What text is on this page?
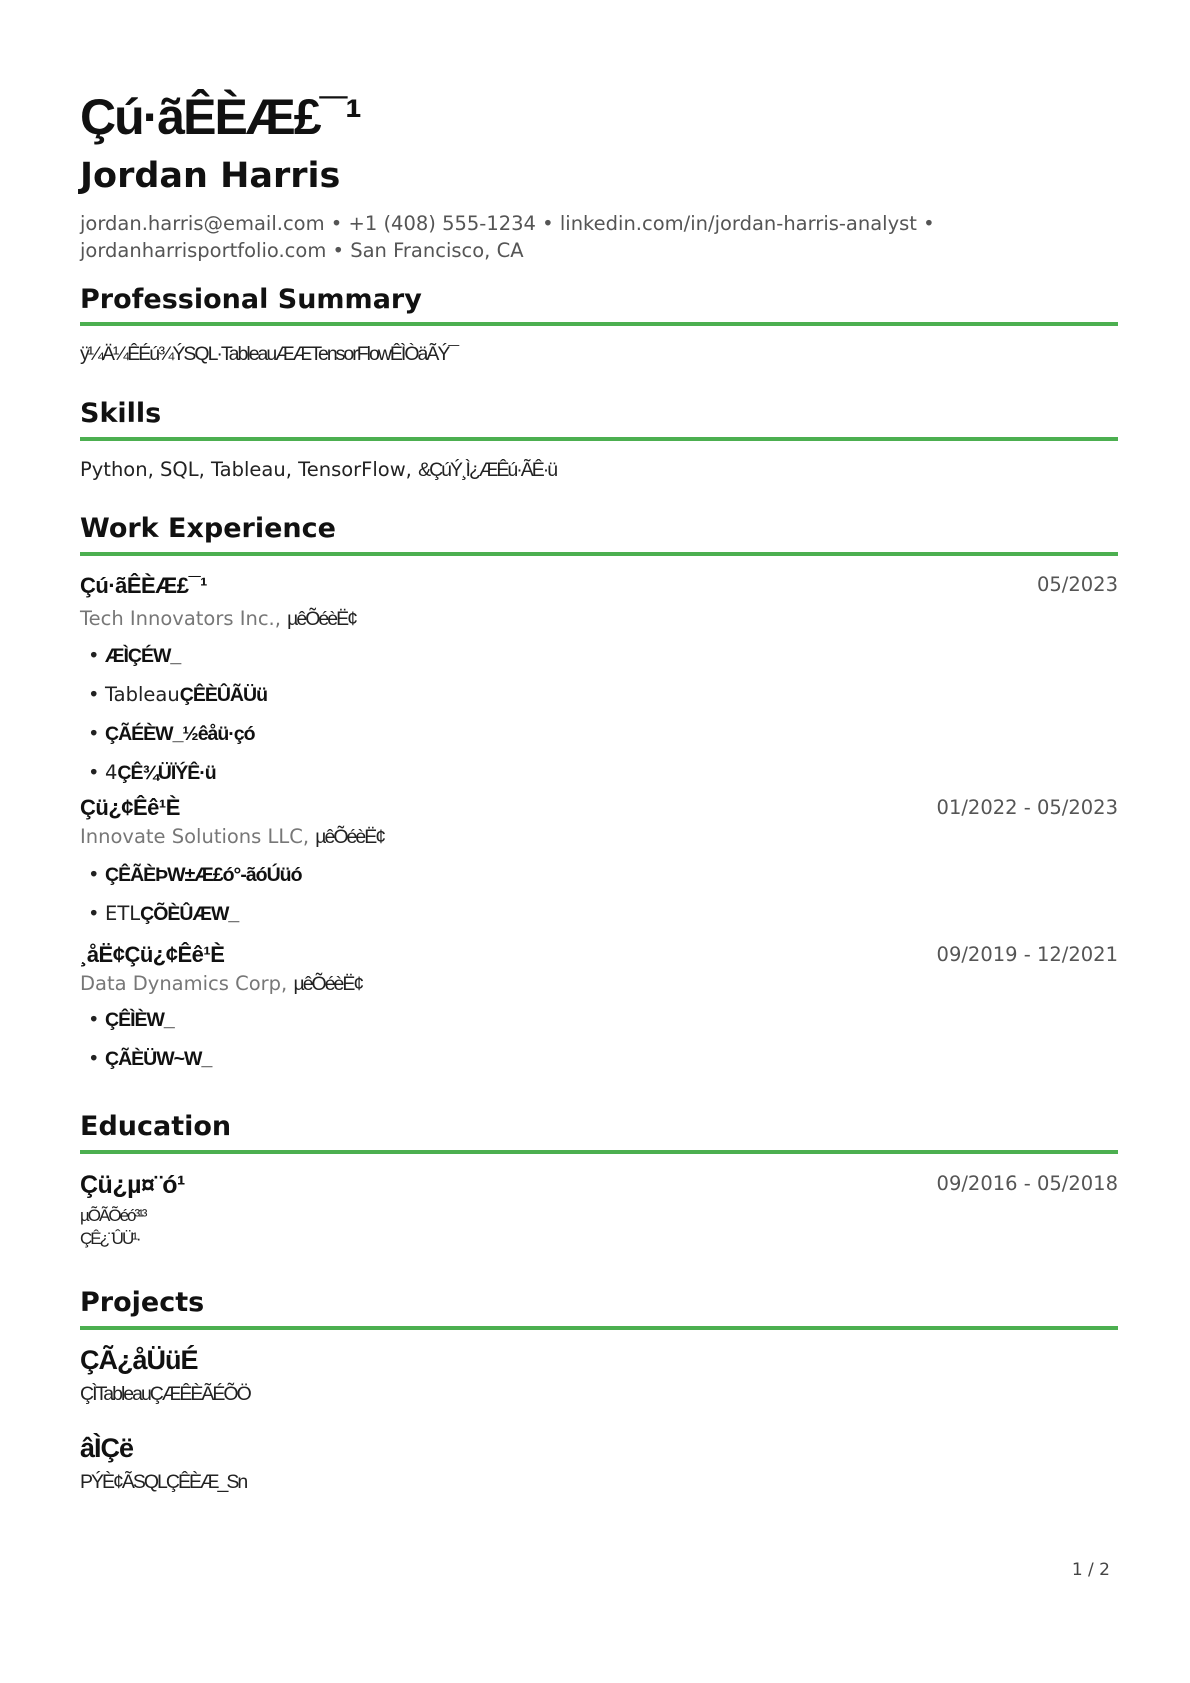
Çú·ãÊÈÆ£¯¹
Jordan Harris
jordan.harris@email.com • +1 (408) 555-1234 • linkedin.com/in/jordan-harris-analyst • jordanharrisportfolio.com • San Francisco, CA
Professional Summary
ÿ¼Ä¼ÊÉú¾ÝSQL·TableauÆÆTensorFlowÊÌÒäÃÝ¯
Skills
Python, SQL, Tableau, TensorFlow, &ÇúÝ¸Ì¿ÆÊú·ÃÊ·ü
Work Experience
Çú·ãÊÈÆ£¯¹	05/2023
Tech Innovators Inc., µêÕéèË¢
• ÆÌÇÉW_
• TableauÇÊÈÛÃÜü
• ÇÃÉÈW_½êåü·çó
• 4ÇÊ¾ÜÏÝÊ·ü
Çü¿¢Êê¹È	01/2022 - 05/2023
Innovate Solutions LLC, µêÕéèË¢
• ÇÊÃÈÞW±Æ£ó°-ãóÚüó
• ETLÇÕÈÛÆW_
¸åË¢Çü¿¢Êê¹È	09/2019 - 12/2021
Data Dynamics Corp, µêÕéèË¢
• ÇÊÌÈW_
• ÇÃÈÜW~W_
Education
Çü¿µ¤¨ó¹	09/2016 - 05/2018
µÕÃÕéó³¹³
ÇÊ¿¨ÛÜ¹·
Projects
ÇÃ¿åÜüÉ
ÇÌTableauÇÆÊÈÃÉÕÖ
âÌÇë
PÝÈ¢ÃSQLÇÊÈÆ_Sn
1 / 2
